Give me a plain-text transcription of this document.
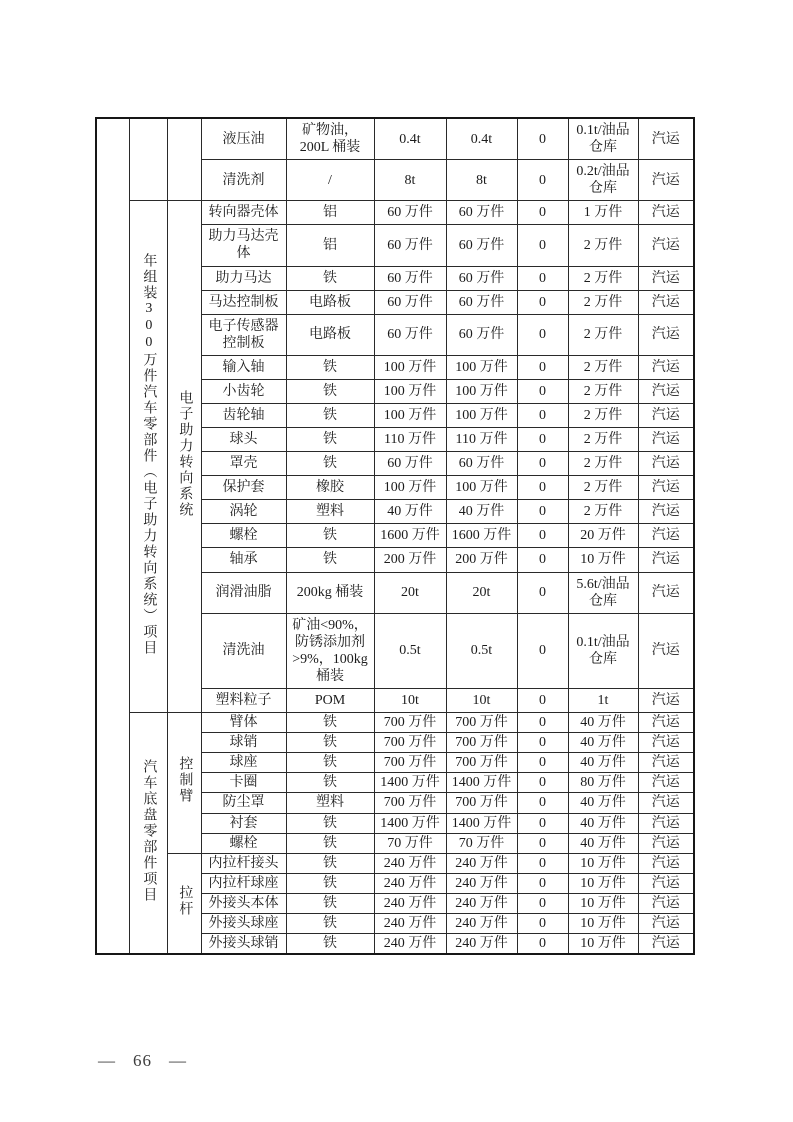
			液压油	矿物油，200L 桶装	0.4t	0.4t	0	0.1t/油品仓库	汽运
			清洗剂	/	8t	8t	0	0.2t/油品仓库	汽运
	年组装300万件汽车零部件（电子助力转向系统）项目	电子助力转向系统	转向器壳体	铝	60 万件	60 万件	0	1 万件	汽运
			助力马达壳体	铝	60 万件	60 万件	0	2 万件	汽运
			助力马达	铁	60 万件	60 万件	0	2 万件	汽运
			马达控制板	电路板	60 万件	60 万件	0	2 万件	汽运
			电子传感器控制板	电路板	60 万件	60 万件	0	2 万件	汽运
			输入轴	铁	100 万件	100 万件	0	2 万件	汽运
			小齿轮	铁	100 万件	100 万件	0	2 万件	汽运
			齿轮轴	铁	100 万件	100 万件	0	2 万件	汽运
			球头	铁	110 万件	110 万件	0	2 万件	汽运
			罩壳	铁	60 万件	60 万件	0	2 万件	汽运
			保护套	橡胶	100 万件	100 万件	0	2 万件	汽运
			涡轮	塑料	40 万件	40 万件	0	2 万件	汽运
			螺栓	铁	1600 万件	1600 万件	0	20 万件	汽运
			轴承	铁	200 万件	200 万件	0	10 万件	汽运
			润滑油脂	200kg 桶装	20t	20t	0	5.6t/油品仓库	汽运
			清洗油	矿油<90%，防锈添加剂>9%，100kg 桶装	0.5t	0.5t	0	0.1t/油品仓库	汽运
			塑料粒子	POM	10t	10t	0	1t	汽运
	汽车底盘零部件项目	控制臂	臂体	铁	700 万件	700 万件	0	40 万件	汽运
			球销	铁	700 万件	700 万件	0	40 万件	汽运
			球座	铁	700 万件	700 万件	0	40 万件	汽运
			卡圈	铁	1400 万件	1400 万件	0	80 万件	汽运
			防尘罩	塑料	700 万件	700 万件	0	40 万件	汽运
			衬套	铁	1400 万件	1400 万件	0	40 万件	汽运
			螺栓	铁	70 万件	70 万件	0	40 万件	汽运
		拉杆	内拉杆接头	铁	240 万件	240 万件	0	10 万件	汽运
			内拉杆球座	铁	240 万件	240 万件	0	10 万件	汽运
			外接头本体	铁	240 万件	240 万件	0	10 万件	汽运
			外接头球座	铁	240 万件	240 万件	0	10 万件	汽运
			外接头球销	铁	240 万件	240 万件	0	10 万件	汽运
— 66 —
